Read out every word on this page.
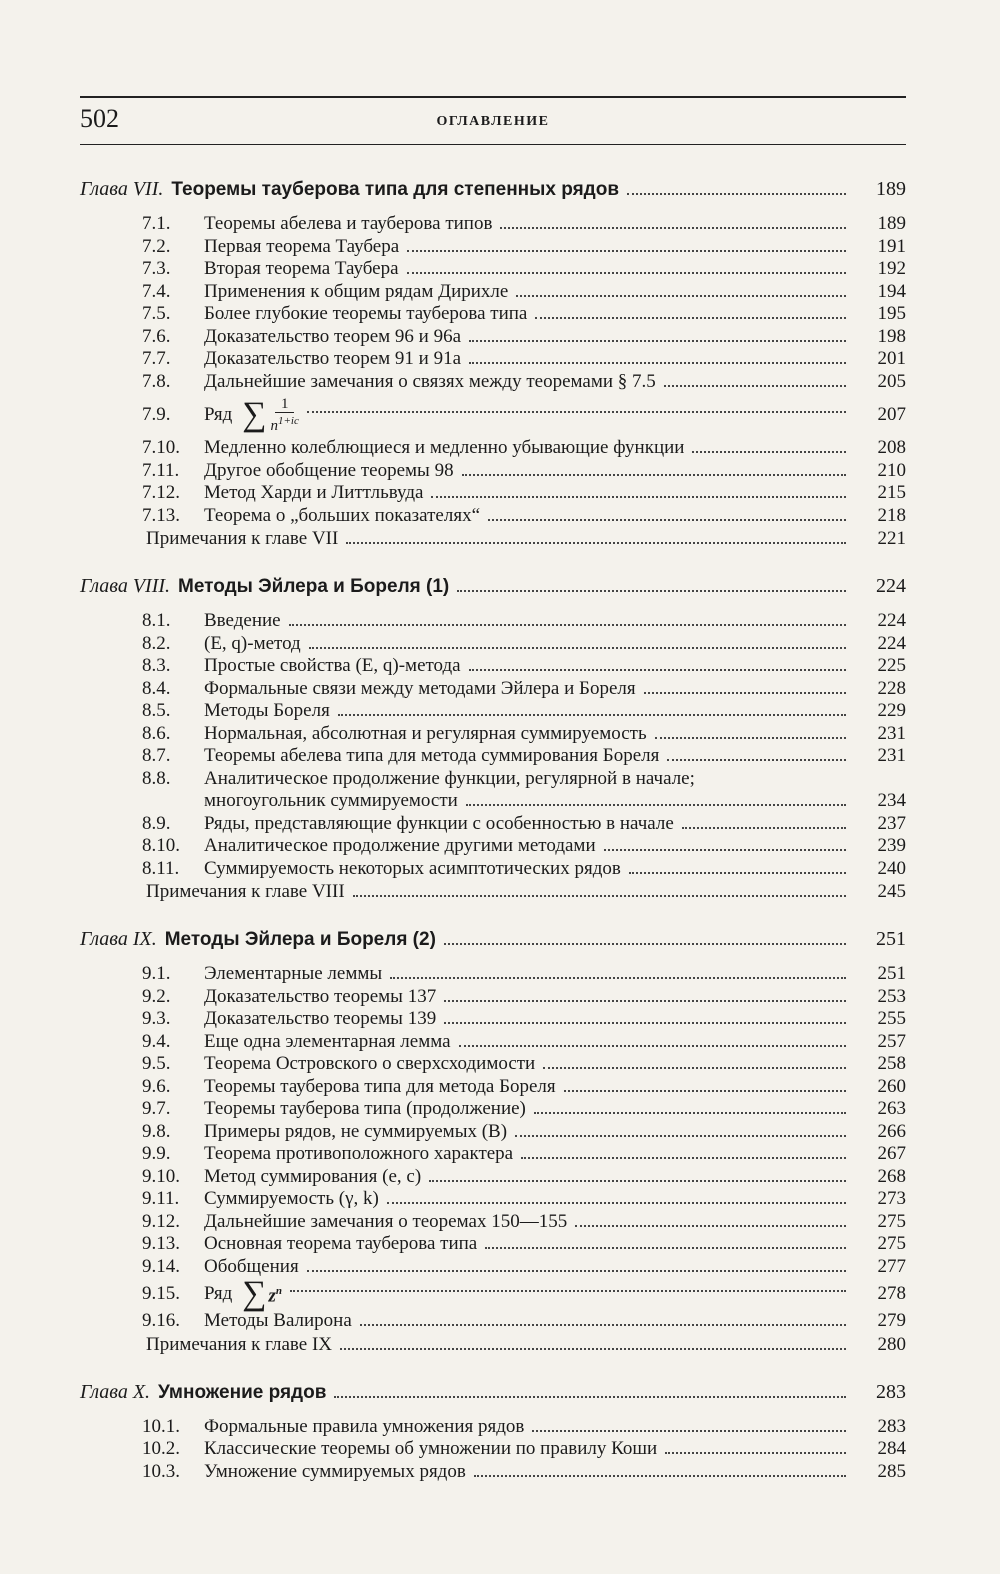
502	ОГЛАВЛЕНИЕ
Глава VII. Теоремы тауберова типа для степенных рядов	189
7.1.	Теоремы абелева и тауберова типов	189
7.2.	Первая теорема Таубера	191
7.3.	Вторая теорема Таубера	192
7.4.	Применения к общим рядам Дирихле	194
7.5.	Более глубокие теоремы тауберова типа	195
7.6.	Доказательство теорем 96 и 96a	198
7.7.	Доказательство теорем 91 и 91a	201
7.8.	Дальнейшие замечания о связях между теоремами § 7.5	205
7.9.	Ряд ∑ $\frac{1}{n^{1+ic}}$	207
7.10.	Медленно колеблющиеся и медленно убывающие функции	208
7.11.	Другое обобщение теоремы 98	210
7.12.	Метод Харди и Литтльвуда	215
7.13.	Теорема о „больших показателях“	218
Примечания к главе VII	221
Глава VIII. Методы Эйлера и Бореля (1)	224
8.1.	Введение	224
8.2.	(E, q)-метод	224
8.3.	Простые свойства (E, q)-метода	225
8.4.	Формальные связи между методами Эйлера и Бореля	228
8.5.	Методы Бореля	229
8.6.	Нормальная, абсолютная и регулярная суммируемость	231
8.7.	Теоремы абелева типа для метода суммирования Бореля	231
8.8.	Аналитическое продолжение функции, регулярной в начале;
многоугольник суммируемости	234
8.9.	Ряды, представляющие функции с особенностью в начале	237
8.10.	Аналитическое продолжение другими методами	239
8.11.	Суммируемость некоторых асимптотических рядов	240
Примечания к главе VIII	245
Глава IX. Методы Эйлера и Бореля (2)	251
9.1.	Элементарные леммы	251
9.2.	Доказательство теоремы 137	253
9.3.	Доказательство теоремы 139	255
9.4.	Еще одна элементарная лемма	257
9.5.	Теорема Островского о сверхсходимости	258
9.6.	Теоремы тауберова типа для метода Бореля	260
9.7.	Теоремы тауберова типа (продолжение)	263
9.8.	Примеры рядов, не суммируемых (B)	266
9.9.	Теорема противоположного характера	267
9.10.	Метод суммирования (e, c)	268
9.11.	Суммируемость (γ, k)	273
9.12.	Дальнейшие замечания о теоремах 150—155	275
9.13.	Основная теорема тауберова типа	275
9.14.	Обобщения	277
9.15.	Ряд ∑ $z^n$	278
9.16.	Методы Валирона	279
Примечания к главе IX	280
Глава X. Умножение рядов	283
10.1.	Формальные правила умножения рядов	283
10.2.	Классические теоремы об умножении по правилу Коши	284
10.3.	Умножение суммируемых рядов	285
